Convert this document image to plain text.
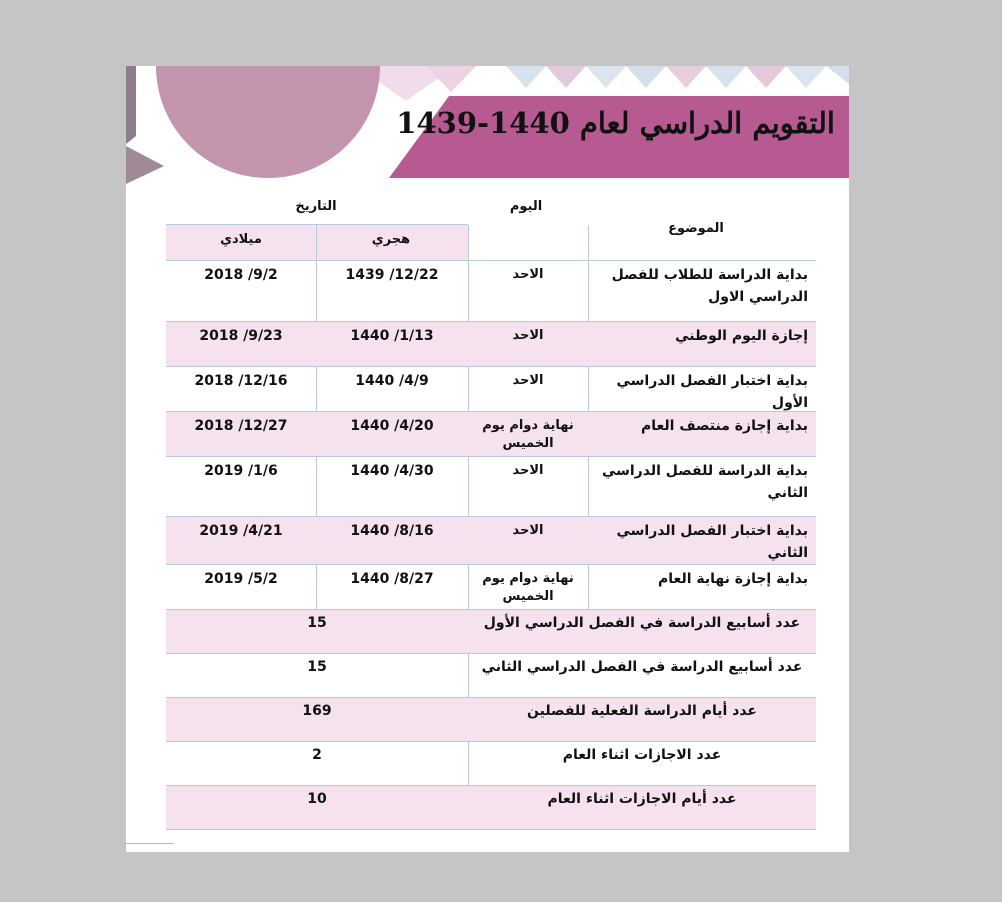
التقويم الدراسي لعام 1440-1439
الموضوع
اليوم
التاريخ
هجري
ميلادي
بداية الدراسة للطلاب للفصل الدراسي الاول
الاحد
1439 /12/22
2018 /9/2
إجازة اليوم الوطني
الاحد
1440 /1/13
2018 /9/23
بداية اختبار الفصل الدراسي الأول
الاحد
1440 /4/9
2018 /12/16
بداية إجازة منتصف العام
نهاية دوام يوم الخميس
1440 /4/20
2018 /12/27
بداية الدراسة للفصل الدراسي الثاني
الاحد
1440 /4/30
2019 /1/6
بداية اختبار الفصل الدراسي الثاني
الاحد
1440 /8/16
2019 /4/21
بداية إجازة نهاية العام
نهاية دوام يوم الخميس
1440 /8/27
2019 /5/2
عدد أسابيع الدراسة في الفصل الدراسي الأول
15
عدد أسابيع الدراسة في الفصل الدراسي الثاني
15
عدد أيام الدراسة الفعلية للفصلين
169
عدد الاجازات اثناء العام
2
عدد أيام الاجازات اثناء العام
10
